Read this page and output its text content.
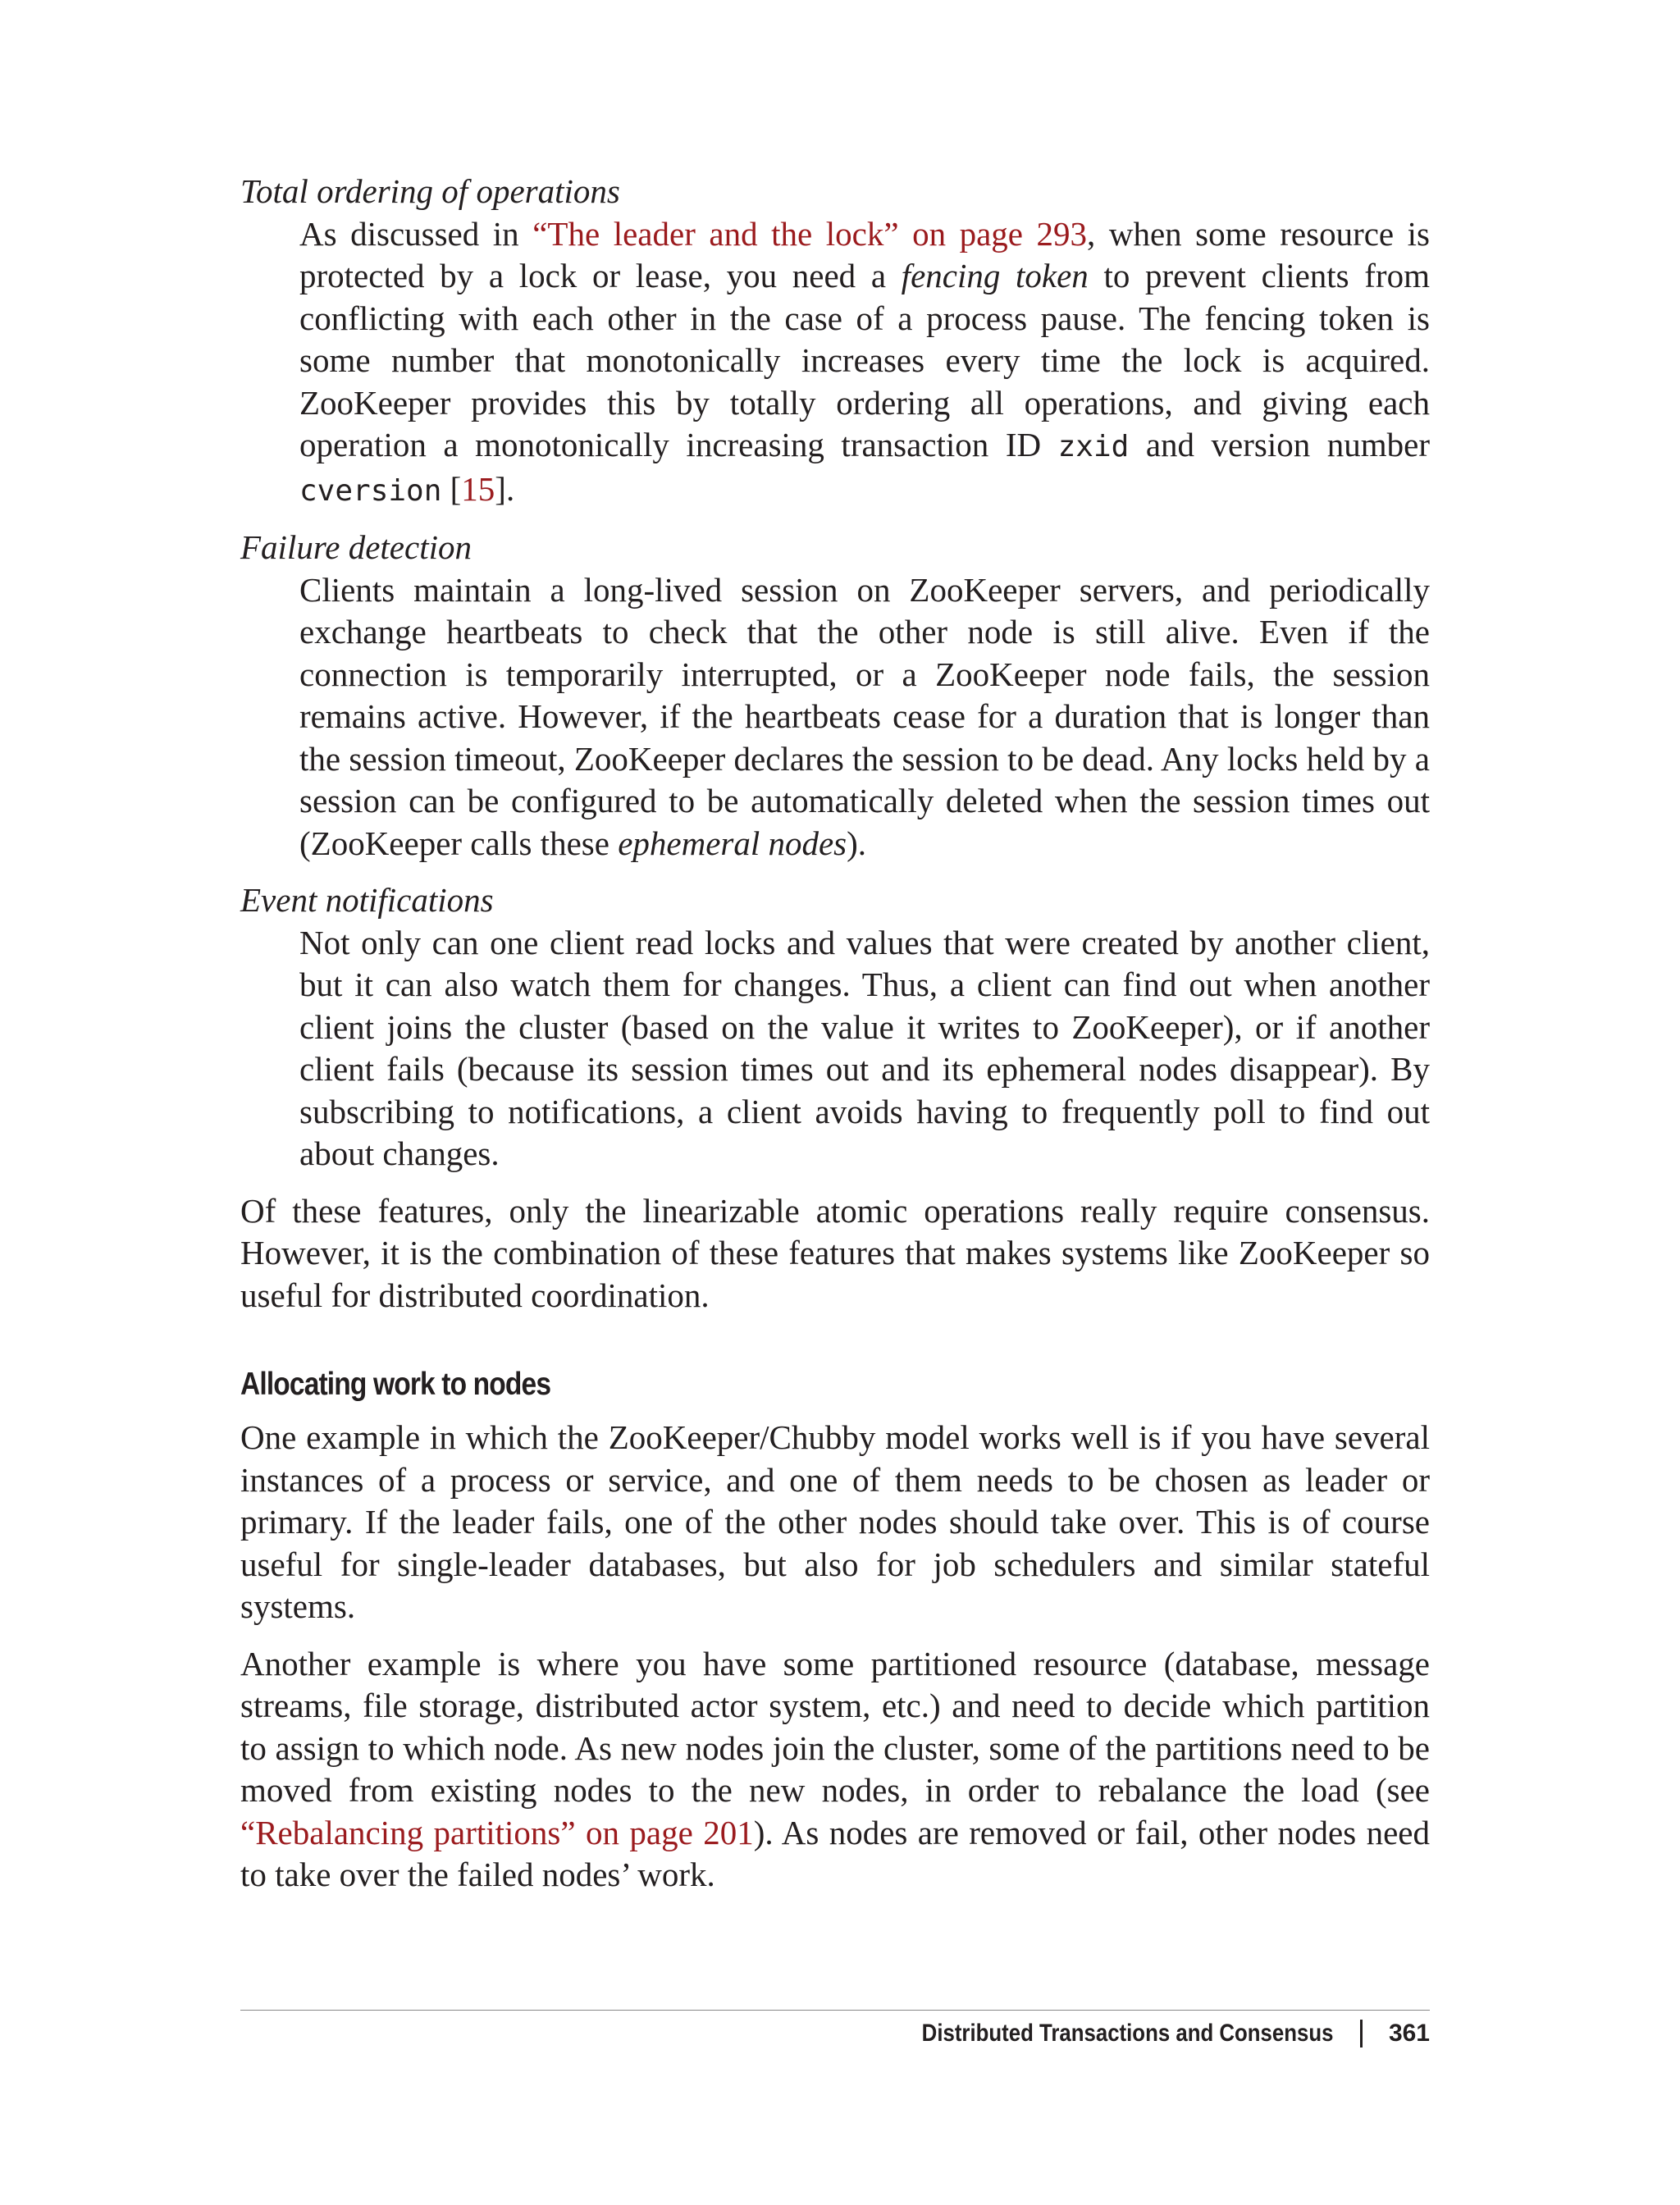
Total ordering of operations
As discussed in “The leader and the lock” on page 293, when some resource is protected by a lock or lease, you need a fencing token to prevent clients from conflicting with each other in the case of a process pause. The fencing token is some number that monotonically increases every time the lock is acquired. ZooKeeper provides this by totally ordering all operations, and giving each operation a monotonically increasing transaction ID zxid and version number cversion [15].
Failure detection
Clients maintain a long-lived session on ZooKeeper servers, and periodically exchange heartbeats to check that the other node is still alive. Even if the connection is temporarily interrupted, or a ZooKeeper node fails, the session remains active. However, if the heartbeats cease for a duration that is longer than the session timeout, ZooKeeper declares the session to be dead. Any locks held by a session can be configured to be automatically deleted when the session times out (ZooKeeper calls these ephemeral nodes).
Event notifications
Not only can one client read locks and values that were created by another client, but it can also watch them for changes. Thus, a client can find out when another client joins the cluster (based on the value it writes to ZooKeeper), or if another client fails (because its session times out and its ephemeral nodes disappear). By subscribing to notifications, a client avoids having to frequently poll to find out about changes.

Of these features, only the linearizable atomic operations really require consensus. However, it is the combination of these features that makes systems like ZooKeeper so useful for distributed coordination.

Allocating work to nodes

One example in which the ZooKeeper/Chubby model works well is if you have several instances of a process or service, and one of them needs to be chosen as leader or primary. If the leader fails, one of the other nodes should take over. This is of course useful for single-leader databases, but also for job schedulers and similar stateful systems.

Another example is where you have some partitioned resource (database, message streams, file storage, distributed actor system, etc.) and need to decide which partition to assign to which node. As new nodes join the cluster, some of the partitions need to be moved from existing nodes to the new nodes, in order to rebalance the load (see “Rebalancing partitions” on page 201). As nodes are removed or fail, other nodes need to take over the failed nodes’ work.

Distributed Transactions and Consensus 361
